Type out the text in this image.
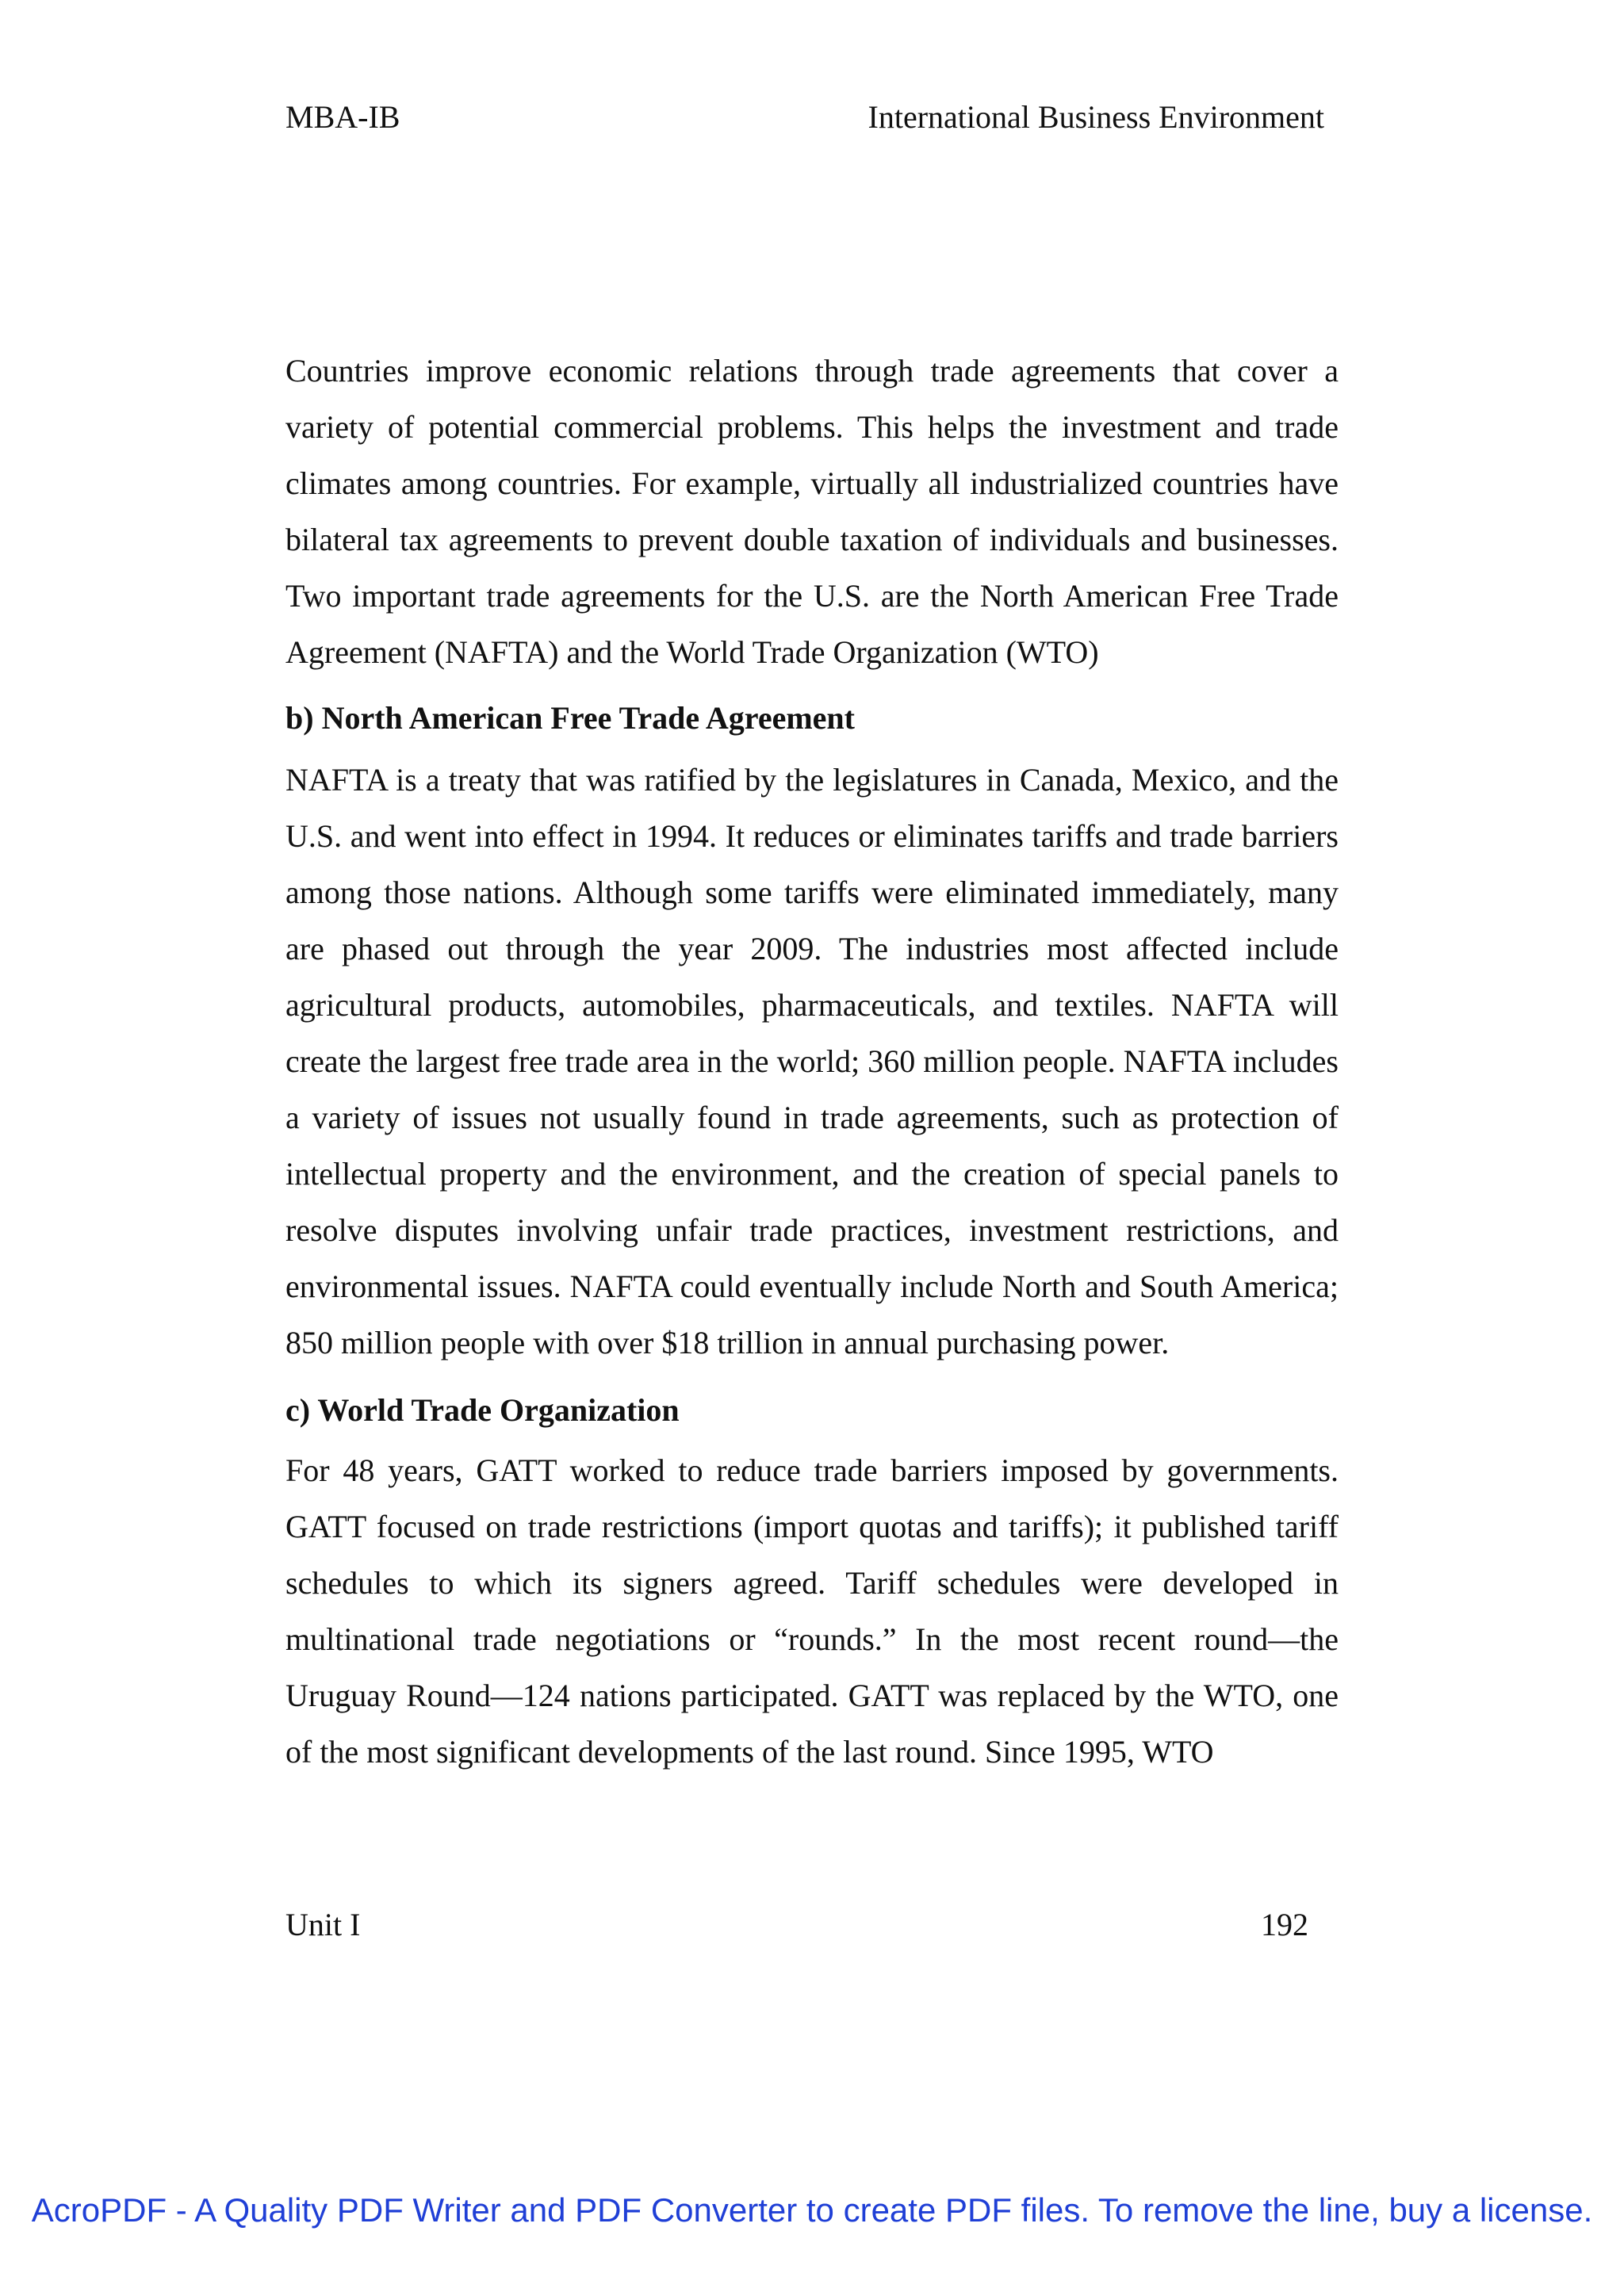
MBA-IB	International Business Environment

Countries improve economic relations through trade agreements that cover a variety of potential commercial problems. This helps the investment and trade climates among countries. For example, virtually all industrialized countries have bilateral tax agreements to prevent double taxation of individuals and businesses. Two important trade agreements for the U.S. are the North American Free Trade Agreement (NAFTA) and the World Trade Organization (WTO)

b) North American Free Trade Agreement

NAFTA is a treaty that was ratified by the legislatures in Canada, Mexico, and the U.S. and went into effect in 1994. It reduces or eliminates tariffs and trade barriers among those nations. Although some tariffs were eliminated immediately, many are phased out through the year 2009. The industries most affected include agricultural products, automobiles, pharmaceuticals, and textiles. NAFTA will create the largest free trade area in the world; 360 million people. NAFTA includes a variety of issues not usually found in trade agreements, such as protection of intellectual property and the environment, and the creation of special panels to resolve disputes involving unfair trade practices, investment restrictions, and environmental issues. NAFTA could eventually include North and South America; 850 million people with over $18 trillion in annual purchasing power.

c) World Trade Organization

For 48 years, GATT worked to reduce trade barriers imposed by governments. GATT focused on trade restrictions (import quotas and tariffs); it published tariff schedules to which its signers agreed. Tariff schedules were developed in multinational trade negotiations or “rounds.” In the most recent round—the Uruguay Round—124 nations participated. GATT was replaced by the WTO, one of the most significant developments of the last round. Since 1995, WTO

Unit I	192
AcroPDF - A Quality PDF Writer and PDF Converter to create PDF files. To remove the line, buy a license.
